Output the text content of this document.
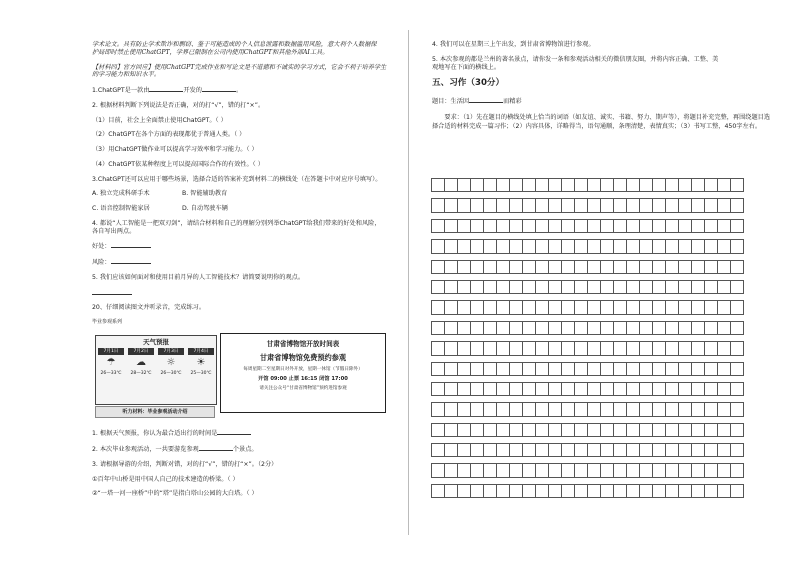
学术论文。具有防止学术欺诈和剽窃、鉴于可能造成的个人信息泄露和数据滥用风险，意大利个人数据保
护局即时禁止使用ChatGPT，学界已限制在公司内使用ChatGPT和其他外部AI工具。

【材料四】官方回应】使用ChatGPT完成作业和写论文是不道德和不诚实的学习方式，它会不利于培养学生
的学习能力和知识水平。

1.ChatGPT是一款由	开发的	。

2. 根据材料判断下列说法是否正确，对的打“√”，错的打“×”。

（1）目前，社会上全面禁止使用ChatGPT。（ ）

（2）ChatGPT在各个方面的表现都优于普通人类。（ ）

（3）用ChatGPT做作业可以提高学习效率和学习能力。（ ）

（4）ChatGPT依某种程度上可以提高国际合作的有效性。（ ）

3.ChatGPT还可以应用于哪些场景，选择合适的答案补充到材料二的横线处（在答题卡中对应序号填写）。

A. 独立完成科研手术	B. 智能辅助教育
C. 语音控制智能家居	D. 自动驾驶车辆

4. 都说“人工智能是一把双刃剑”，请结合材料和自己的理解分别列举ChatGPT给我们带来的好处和风险，
各自写出两点。

好处：

风险：

5. 我们应该如何面对和使用目前月异的人工智能技术？请简要说明你的观点。

20、仔细阅读图文并听录音，完成练习。

毕业参观系列
天气预报
7月1日
☂
26—33℃
7月2日
☁
28—32℃
7月3日
☼
26—30℃
7月4日
☀
25—30℃
听力材料：毕业参观活动介绍
甘肃省博物馆开放时间表
甘肃省博物馆免费预约参观
每周星期二至星期日对外开放，星期一休馆（节假日除外）
开馆 09:00 止票 16:15 闭馆 17:00
请关注公众号“甘肃省博物馆”预约进馆参观

1. 根据天气预报，你认为最合适出行的时间是

2. 本次毕业参观活动，一共要游览参观	个景点。

3. 请根据导游的介绍，判断对错，对的打“√”，错的打“×”。（2分）

①百年中山桥是用中国人自己的技术建造的桥梁。（ ）

②“一塔一河一座桥”中的“塔”是指白塔山公园的大白塔。（ ）

4. 我们可以在星期三上午出发，到甘肃省博物馆进行参观。

5. 本次参观的都是兰州的著名景点，请你发一条和参观活动相关的微信朋友圈，并将内容正确、工整、美
观地写在下面的横线上。

五、习作（30分）

题目：生活因	而精彩

要求：（1）先在题目的横线处填上恰当的词语（如友谊、诚实、书籍、努力、期声等），将题目补充完整，再围绕题目选择合适的材料完成一篇习作；（2）内容具体，详略得当，语句通顺，条理清楚，表情真实；（3）书写工整，450字左右。
